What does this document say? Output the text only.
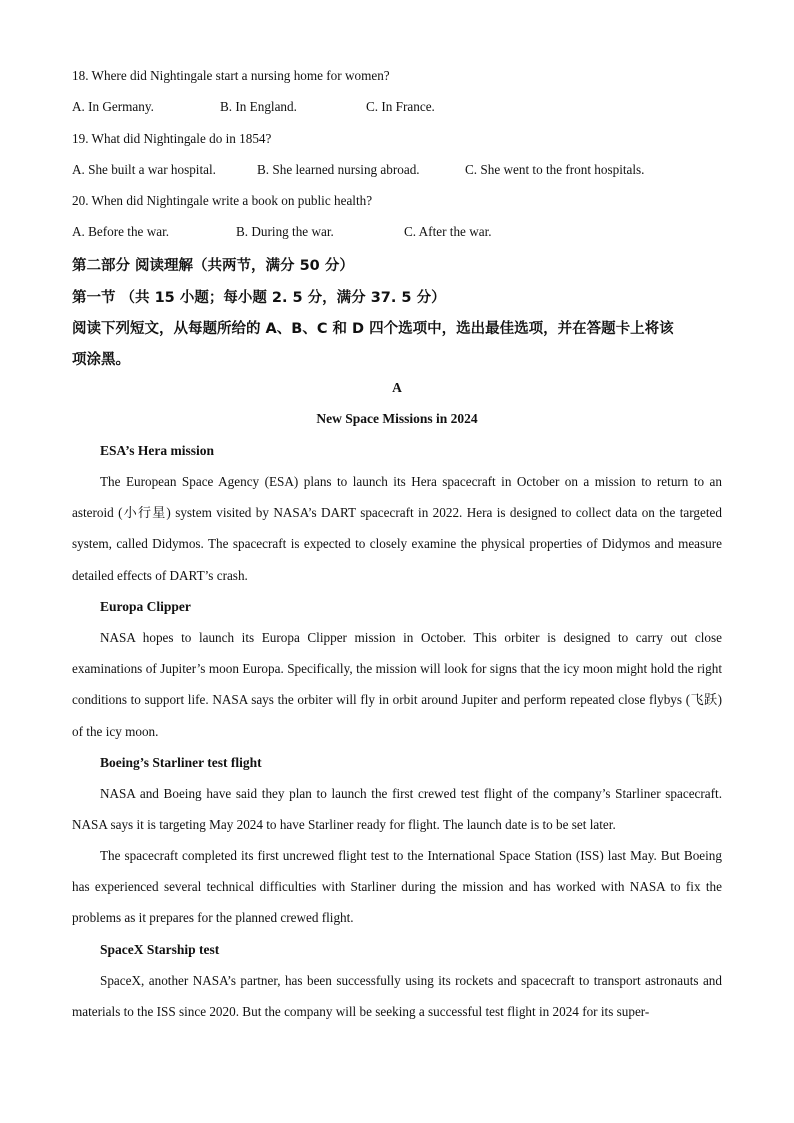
18. Where did Nightingale start a nursing home for women?
A. In Germany.	B. In England.	C. In France.
19. What did Nightingale do in 1854?
A. She built a war hospital.	B. She learned nursing abroad.	C. She went to the front hospitals.
20. When did Nightingale write a book on public health?
A. Before the war.	B. During the war.	C. After the war.
第二部分 阅读理解（共两节，满分 50 分）
第一节 （共 15 小题；每小题 2. 5 分，满分 37. 5 分）
阅读下列短文，从每题所给的 A、B、C 和 D 四个选项中，选出最佳选项，并在答题卡上将该
项涂黑。
A
New Space Missions in 2024
ESA’s Hera mission
The European Space Agency (ESA) plans to launch its Hera spacecraft in October on a mission to return to an asteroid (小行星) system visited by NASA’s DART spacecraft in 2022. Hera is designed to collect data on the targeted system, called Didymos. The spacecraft is expected to closely examine the physical properties of Didymos and measure detailed effects of DART’s crash.
Europa Clipper
NASA hopes to launch its Europa Clipper mission in October. This orbiter is designed to carry out close examinations of Jupiter’s moon Europa. Specifically, the mission will look for signs that the icy moon might hold the right conditions to support life. NASA says the orbiter will fly in orbit around Jupiter and perform repeated close flybys (飞跃) of the icy moon.
Boeing’s Starliner test flight
NASA and Boeing have said they plan to launch the first crewed test flight of the company’s Starliner spacecraft. NASA says it is targeting May 2024 to have Starliner ready for flight. The launch date is to be set later.
The spacecraft completed its first uncrewed flight test to the International Space Station (ISS) last May. But Boeing has experienced several technical difficulties with Starliner during the mission and has worked with NASA to fix the problems as it prepares for the planned crewed flight.
SpaceX Starship test
SpaceX, another NASA’s partner, has been successfully using its rockets and spacecraft to transport astronauts and materials to the ISS since 2020. But the company will be seeking a successful test flight in 2024 for its super-
